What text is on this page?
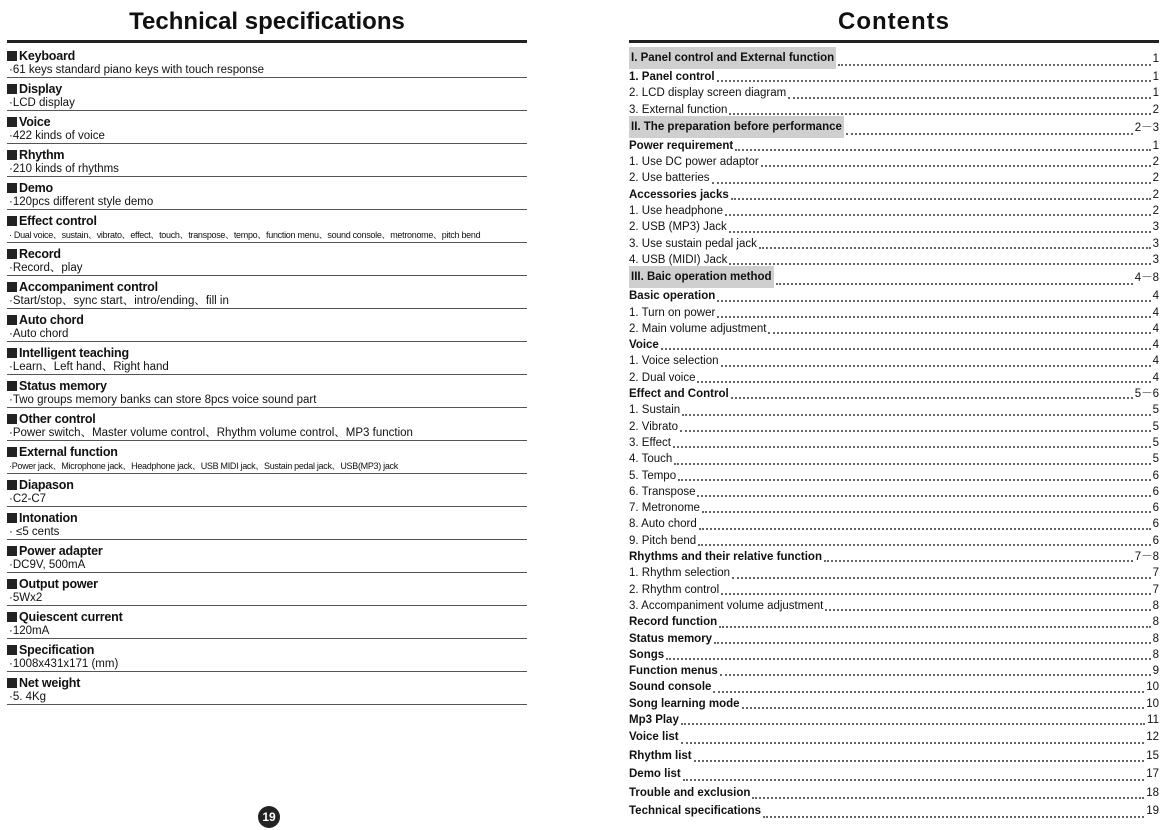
Technical specifications
Keyboard
·61 keys standard piano keys with touch response
Display
·LCD display
Voice
·422 kinds of voice
Rhythm
·210 kinds of rhythms
Demo
·120pcs different style demo
Effect control
· Dual voice、sustain、vibrato、effect、touch、transpose、tempo、function menu、sound console、metronome、pitch bend
Record
·Record、play
Accompaniment control
·Start/stop、sync start、intro/ending、fill in
Auto chord
·Auto chord
Intelligent teaching
·Learn、Left hand、Right hand
Status memory
·Two groups memory banks can store 8pcs voice sound part
Other control
·Power switch、Master volume control、Rhythm volume control、MP3 function
External function
·Power jack、Microphone jack、Headphone jack、USB MIDI jack、Sustain pedal jack、USB(MP3) jack
Diapason
·C2-C7
Intonation
· ≤5 cents
Power adapter
·DC9V, 500mA
Output power
·5Wx2
Quiescent current
·120mA
Specification
·1008x431x171 (mm)
Net weight
·5. 4Kg
19
Contents
I. Panel control and External function	1
1. Panel control	1
2. LCD display screen diagram	1
3. External function	2
II. The preparation before performance	2－3
Power requirement	1
1. Use DC power adaptor	2
2. Use batteries	2
Accessories jacks	2
1. Use headphone	2
2. USB (MP3) Jack	3
3. Use sustain pedal jack	3
4. USB (MIDI) Jack	3
III. Baic operation method	4－8
Basic operation	4
1. Turn on power	4
2. Main volume adjustment	4
Voice	4
1. Voice selection	4
2. Dual voice	4
Effect and Control	5－6
1. Sustain	5
2. Vibrato	5
3. Effect	5
4. Touch	5
5. Tempo	6
6. Transpose	6
7. Metronome	6
8. Auto chord	6
9. Pitch bend	6
Rhythms and their relative function	7－8
1. Rhythm selection	7
2. Rhythm control	7
3. Accompaniment volume adjustment	8
Record function	8
Status memory	8
Songs	8
Function menus	9
Sound console	10
Song learning mode	10
Mp3 Play	11
Voice list	12
Rhythm list	15
Demo list	17
Trouble and exclusion	18
Technical specifications	19
